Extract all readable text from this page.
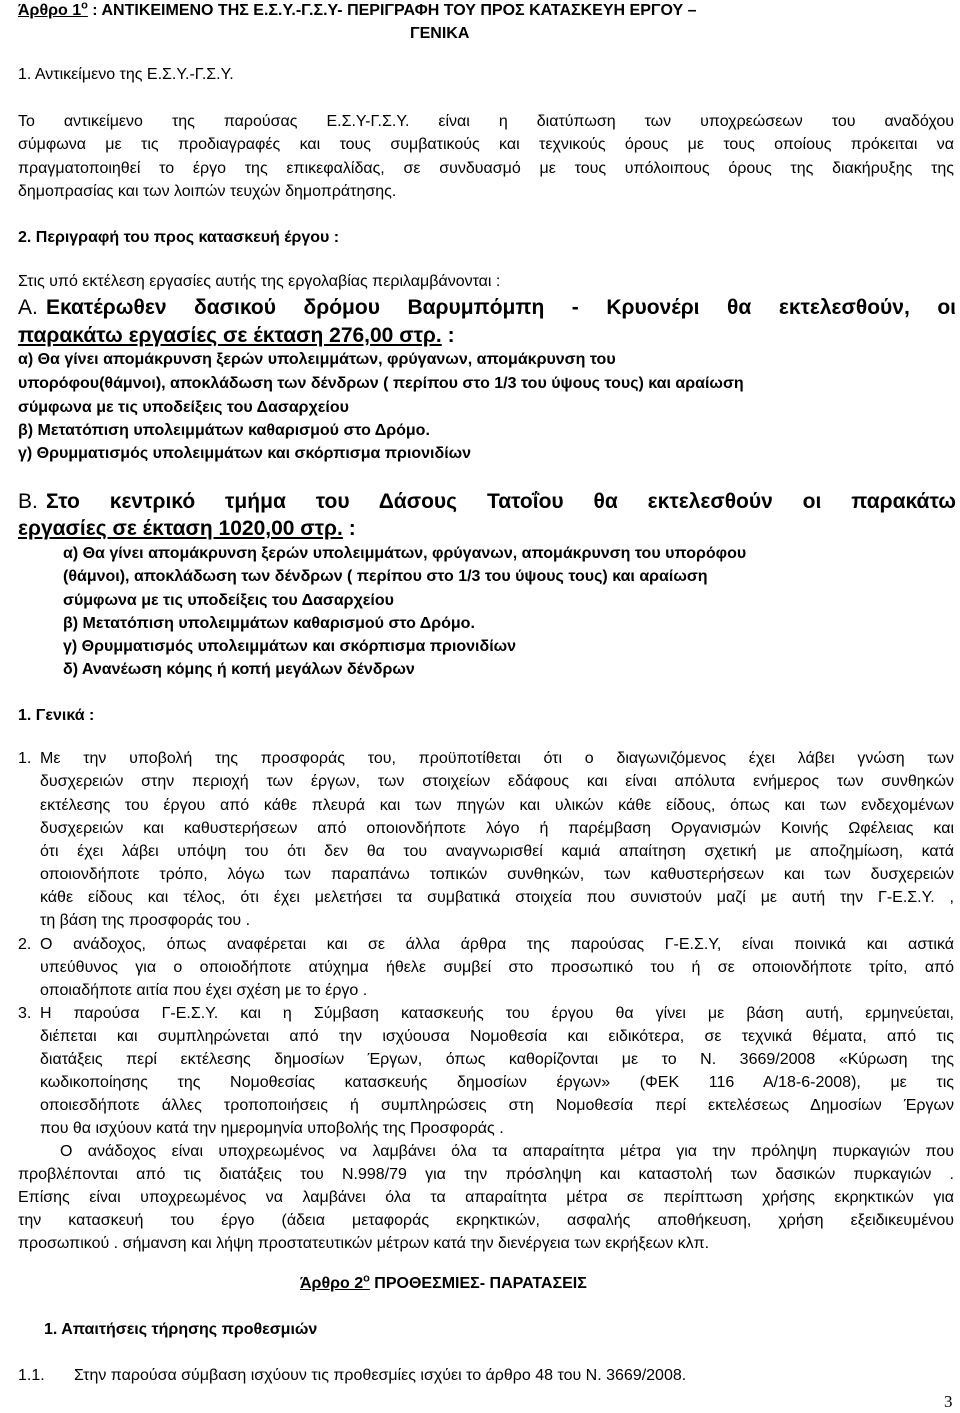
Άρθρο $1^o$ : ΑΝΤΙΚΕΙΜΕΝΟ ΤΗΣ Ε.Σ.Υ.-Γ.Σ.Υ- ΠΕΡΙΓΡΑΦΗ ΤΟΥ ΠΡΟΣ ΚΑΤΑΣΚΕΥΗ ΕΡΓΟΥ –
ΓΕΝΙΚΑ
1. Αντικείμενο της Ε.Σ.Υ.-Γ.Σ.Υ.
Το αντικείμενο της παρούσας Ε.Σ.Υ-Γ.Σ.Υ. είναι η διατύπωση των υποχρεώσεων του αναδόχου
σύμφωνα με τις προδιαγραφές και τους συμβατικούς και τεχνικούς όρους με τους οποίους πρόκειται να
πραγματοποιηθεί το έργο της επικεφαλίδας, σε συνδυασμό με τους υπόλοιπους όρους της διακήρυξης της
δημοπρασίας και των λοιπών τευχών δημοπράτησης.
2. Περιγραφή του προς κατασκευή έργου :
Στις υπό εκτέλεση εργασίες αυτής της εργολαβίας περιλαμβάνονται :
Α. Εκατέρωθεν δασικού δρόμου Βαρυμπόμπη - Κρυονέρι θα εκτελεσθούν, οι
παρακάτω εργασίες σε έκταση 276,00 στρ. :
α) Θα γίνει απομάκρυνση ξερών υπολειμμάτων, φρύγανων, απομάκρυνση του
υπορόφου(θάμνοι), αποκλάδωση των δένδρων ( περίπου στο 1/3 του ύψους τους) και αραίωση
σύμφωνα με τις υποδείξεις του Δασαρχείου
β) Μετατόπιση υπολειμμάτων καθαρισμού στο Δρόμο.
γ) Θρυμματισμός υπολειμμάτων και σκόρπισμα πριονιδίων
Β. Στο κεντρικό τμήμα του Δάσους Τατοΐου θα εκτελεσθούν οι παρακάτω
εργασίες σε έκταση 1020,00 στρ. :
α) Θα γίνει απομάκρυνση ξερών υπολειμμάτων, φρύγανων, απομάκρυνση του υπορόφου
(θάμνοι), αποκλάδωση των δένδρων ( περίπου στο 1/3 του ύψους τους) και αραίωση
σύμφωνα με τις υποδείξεις του Δασαρχείου
β) Μετατόπιση υπολειμμάτων καθαρισμού στο Δρόμο.
γ) Θρυμματισμός υπολειμμάτων και σκόρπισμα πριονιδίων
δ) Ανανέωση κόμης ή κοπή μεγάλων δένδρων
1. Γενικά :
1. Με την υποβολή της προσφοράς του, προϋποτίθεται ότι ο διαγωνιζόμενος έχει λάβει γνώση των
δυσχερειών στην περιοχή των έργων, των στοιχείων εδάφους και είναι απόλυτα ενήμερος των συνθηκών
εκτέλεσης του έργου από κάθε πλευρά και των πηγών και υλικών κάθε είδους, όπως και των ενδεχομένων
δυσχερειών και καθυστερήσεων από οποιονδήποτε λόγο ή παρέμβαση Οργανισμών Κοινής Ωφέλειας και
ότι έχει λάβει υπόψη του ότι δεν θα του αναγνωρισθεί καμιά απαίτηση σχετική με αποζημίωση, κατά
οποιονδήποτε τρόπο, λόγω των παραπάνω τοπικών συνθηκών, των καθυστερήσεων και των δυσχερειών
κάθε είδους και τέλος, ότι έχει μελετήσει τα συμβατικά στοιχεία που συνιστούν μαζί με αυτή την Γ-Ε.Σ.Υ. ,
τη βάση της προσφοράς του .
2. Ο ανάδοχος, όπως αναφέρεται και σε άλλα άρθρα της παρούσας Γ-Ε.Σ.Υ, είναι ποινικά και αστικά
υπεύθυνος για ο οποιοδήποτε ατύχημα ήθελε συμβεί στο προσωπικό του ή σε οποιονδήποτε τρίτο, από
οποιαδήποτε αιτία που έχει σχέση με το έργο .
3. Η παρούσα Γ-Ε.Σ.Υ. και η Σύμβαση κατασκευής του έργου θα γίνει με βάση αυτή, ερμηνεύεται,
διέπεται και συμπληρώνεται από την ισχύουσα Νομοθεσία και ειδικότερα, σε τεχνικά θέματα, από τις
διατάξεις περί εκτέλεσης δημοσίων Έργων, όπως καθορίζονται με το Ν. 3669/2008 «Κύρωση της
κωδικοποίησης της Νομοθεσίας κατασκευής δημοσίων έργων» (ΦΕΚ 116 Α/18-6-2008), με τις
οποιεσδήποτε άλλες τροποποιήσεις ή συμπληρώσεις στη Νομοθεσία περί εκτελέσεως Δημοσίων Έργων
που θα ισχύουν κατά την ημερομηνία υποβολής της Προσφοράς .
Ο ανάδοχος είναι υποχρεωμένος να λαμβάνει όλα τα απαραίτητα μέτρα για την πρόληψη πυρκαγιών που
προβλέπονται από τις διατάξεις του Ν.998/79 για την πρόσληψη και καταστολή των δασικών πυρκαγιών .
Επίσης είναι υποχρεωμένος να λαμβάνει όλα τα απαραίτητα μέτρα σε περίπτωση χρήσης εκρηκτικών για
την κατασκευή του έργο (άδεια μεταφοράς εκρηκτικών, ασφαλής αποθήκευση, χρήση εξειδικευμένου
προσωπικού . σήμανση και λήψη προστατευτικών μέτρων κατά την διενέργεια των εκρήξεων κλπ.
Άρθρο $2^o$ ΠΡΟΘΕΣΜΙΕΣ- ΠΑΡΑΤΑΣΕΙΣ
1. Απαιτήσεις τήρησης προθεσμιών
1.1. Στην παρούσα σύμβαση ισχύουν τις προθεσμίες ισχύει το άρθρο 48 του Ν. 3669/2008.
3
